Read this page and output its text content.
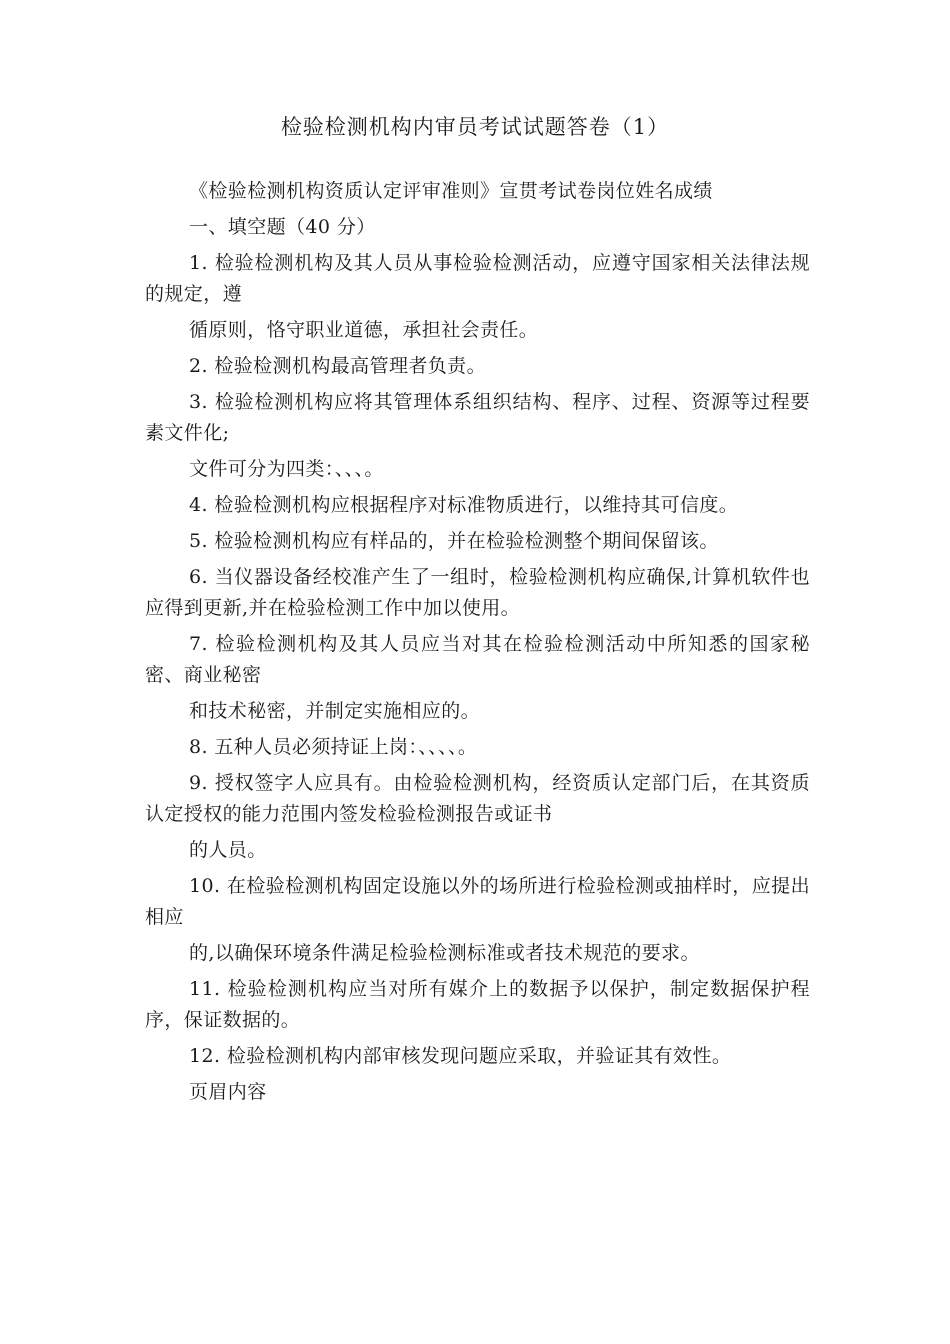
检验检测机构内审员考试试题答卷（1）

《检验检测机构资质认定评审准则》宣贯考试卷岗位姓名成绩

一、填空题（40 分）

1. 检验检测机构及其人员从事检验检测活动，应遵守国家相关法律法规的规定，遵

循原则，恪守职业道德，承担社会责任。

2. 检验检测机构最高管理者负责。

3. 检验检测机构应将其管理体系组织结构、程序、过程、资源等过程要素文件化;

文件可分为四类：、、、。

4. 检验检测机构应根据程序对标准物质进行，以维持其可信度。

5. 检验检测机构应有样品的，并在检验检测整个期间保留该。

6. 当仪器设备经校准产生了一组时，检验检测机构应确保,计算机软件也应得到更新,并在检验检测工作中加以使用。

7. 检验检测机构及其人员应当对其在检验检测活动中所知悉的国家秘密、商业秘密

和技术秘密，并制定实施相应的。

8. 五种人员必须持证上岗：、、、、。

9. 授权签字人应具有。由检验检测机构，经资质认定部门后，在其资质认定授权的能力范围内签发检验检测报告或证书

的人员。

10. 在检验检测机构固定设施以外的场所进行检验检测或抽样时，应提出相应

的,以确保环境条件满足检验检测标准或者技术规范的要求。

11. 检验检测机构应当对所有媒介上的数据予以保护，制定数据保护程序，保证数据的。

12. 检验检测机构内部审核发现问题应采取，并验证其有效性。

页眉内容
